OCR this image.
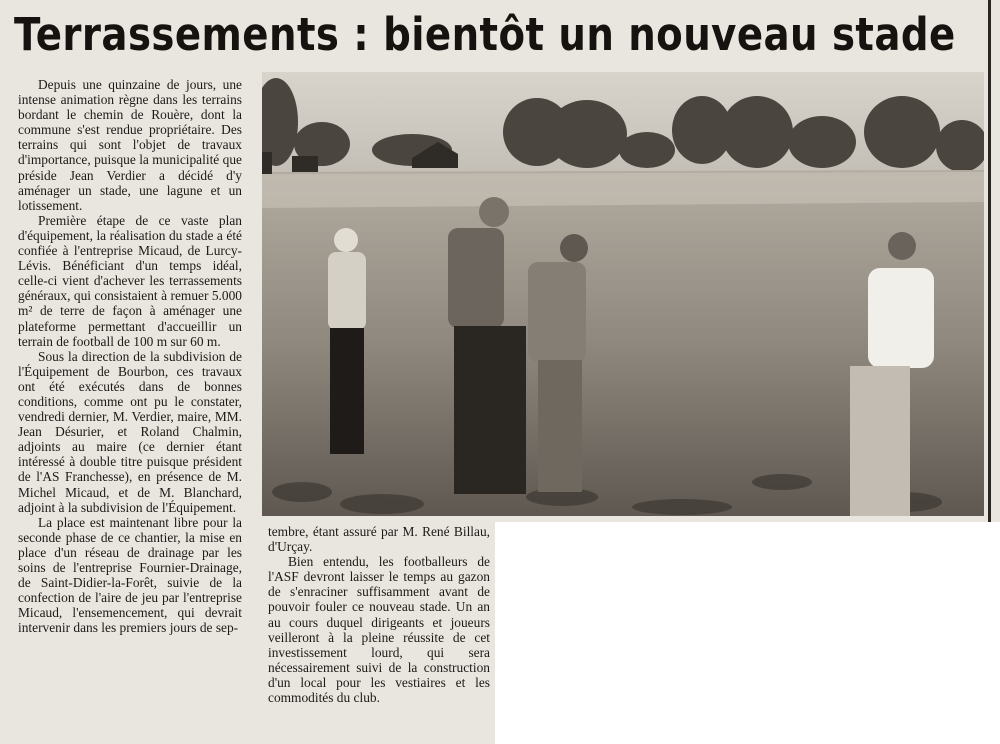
Terrassements : bientôt un nouveau stade

Depuis une quinzaine de jours, une intense animation règne dans les terrains bordant le chemin de Rouère, dont la commune s'est rendue propriétaire. Des terrains qui sont l'objet de travaux d'importance, puisque la municipalité que préside Jean Verdier a décidé d'y aménager un stade, une lagune et un lotissement.

Première étape de ce vaste plan d'équipement, la réalisation du stade a été confiée à l'entreprise Micaud, de Lurcy-Lévis. Bénéficiant d'un temps idéal, celle-ci vient d'achever les terrassements généraux, qui consistaient à remuer 5.000 m² de terre de façon à aménager une plateforme permettant d'accueillir un terrain de football de 100 m sur 60 m.

Sous la direction de la subdivision de l'Équipement de Bourbon, ces travaux ont été exécutés dans de bonnes conditions, comme ont pu le constater, vendredi dernier, M. Verdier, maire, MM. Jean Désurier, et Roland Chalmin, adjoints au maire (ce dernier étant intéressé à double titre puisque président de l'AS Franchesse), en présence de M. Michel Micaud, et de M. Blanchard, adjoint à la subdivision de l'Équipement.

La place est maintenant libre pour la seconde phase de ce chantier, la mise en place d'un réseau de drainage par les soins de l'entreprise Fournier-Drainage, de Saint-Didier-la-Forêt, suivie de la confection de l'aire de jeu par l'entreprise Micaud, l'ensemencement, qui devrait intervenir dans les premiers jours de sep-

tembre, étant assuré par M. René Billau, d'Urçay.

Bien entendu, les footballeurs de l'ASF devront laisser le temps au gazon de s'enraciner suffisamment avant de pouvoir fouler ce nouveau stade. Un an au cours duquel dirigeants et joueurs veilleront à la pleine réussite de cet investissement lourd, qui sera nécessairement suivi de la construction d'un local pour les vestiaires et les commodités du club.
